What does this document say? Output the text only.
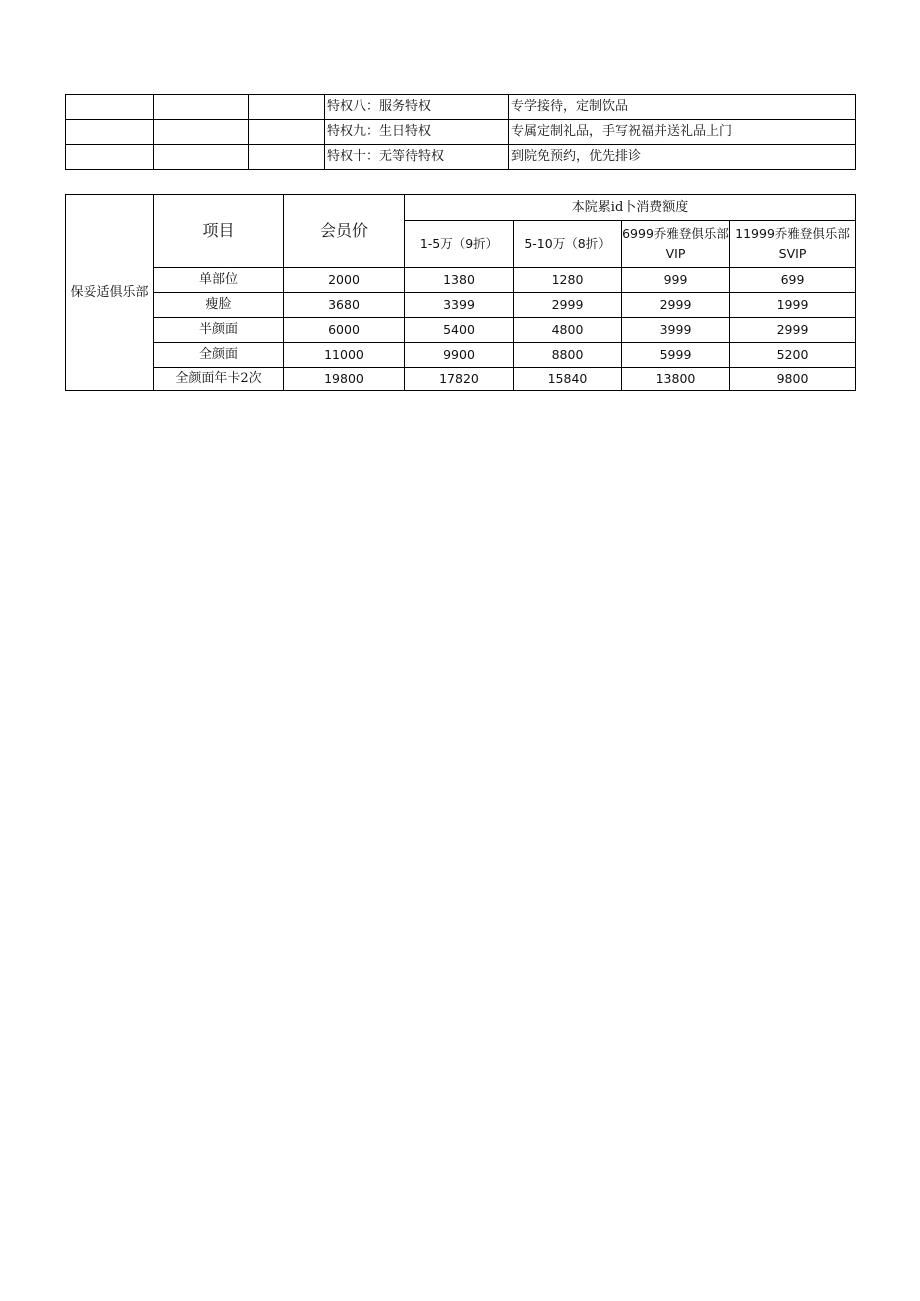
			特权八：服务特权	专学接待，定制饮品
			特权九：生日特权	专属定制礼品，手写祝福并送礼品上门
			特权十：无等待特权	到院免预约，优先排诊
保妥适俱乐部	项目	会员价	本院累id卜消费额度			
			1-5万（9折）	5-10万（8折）	6999乔雅登俱乐部VIP	11999乔雅登俱乐部SVIP
	单部位	2000	1380	1280	999	699
	瘦脸	3680	3399	2999	2999	1999
	半颜面	6000	5400	4800	3999	2999
	全颜面	11000	9900	8800	5999	5200
	全颜面年卡2次	19800	17820	15840	13800	9800
